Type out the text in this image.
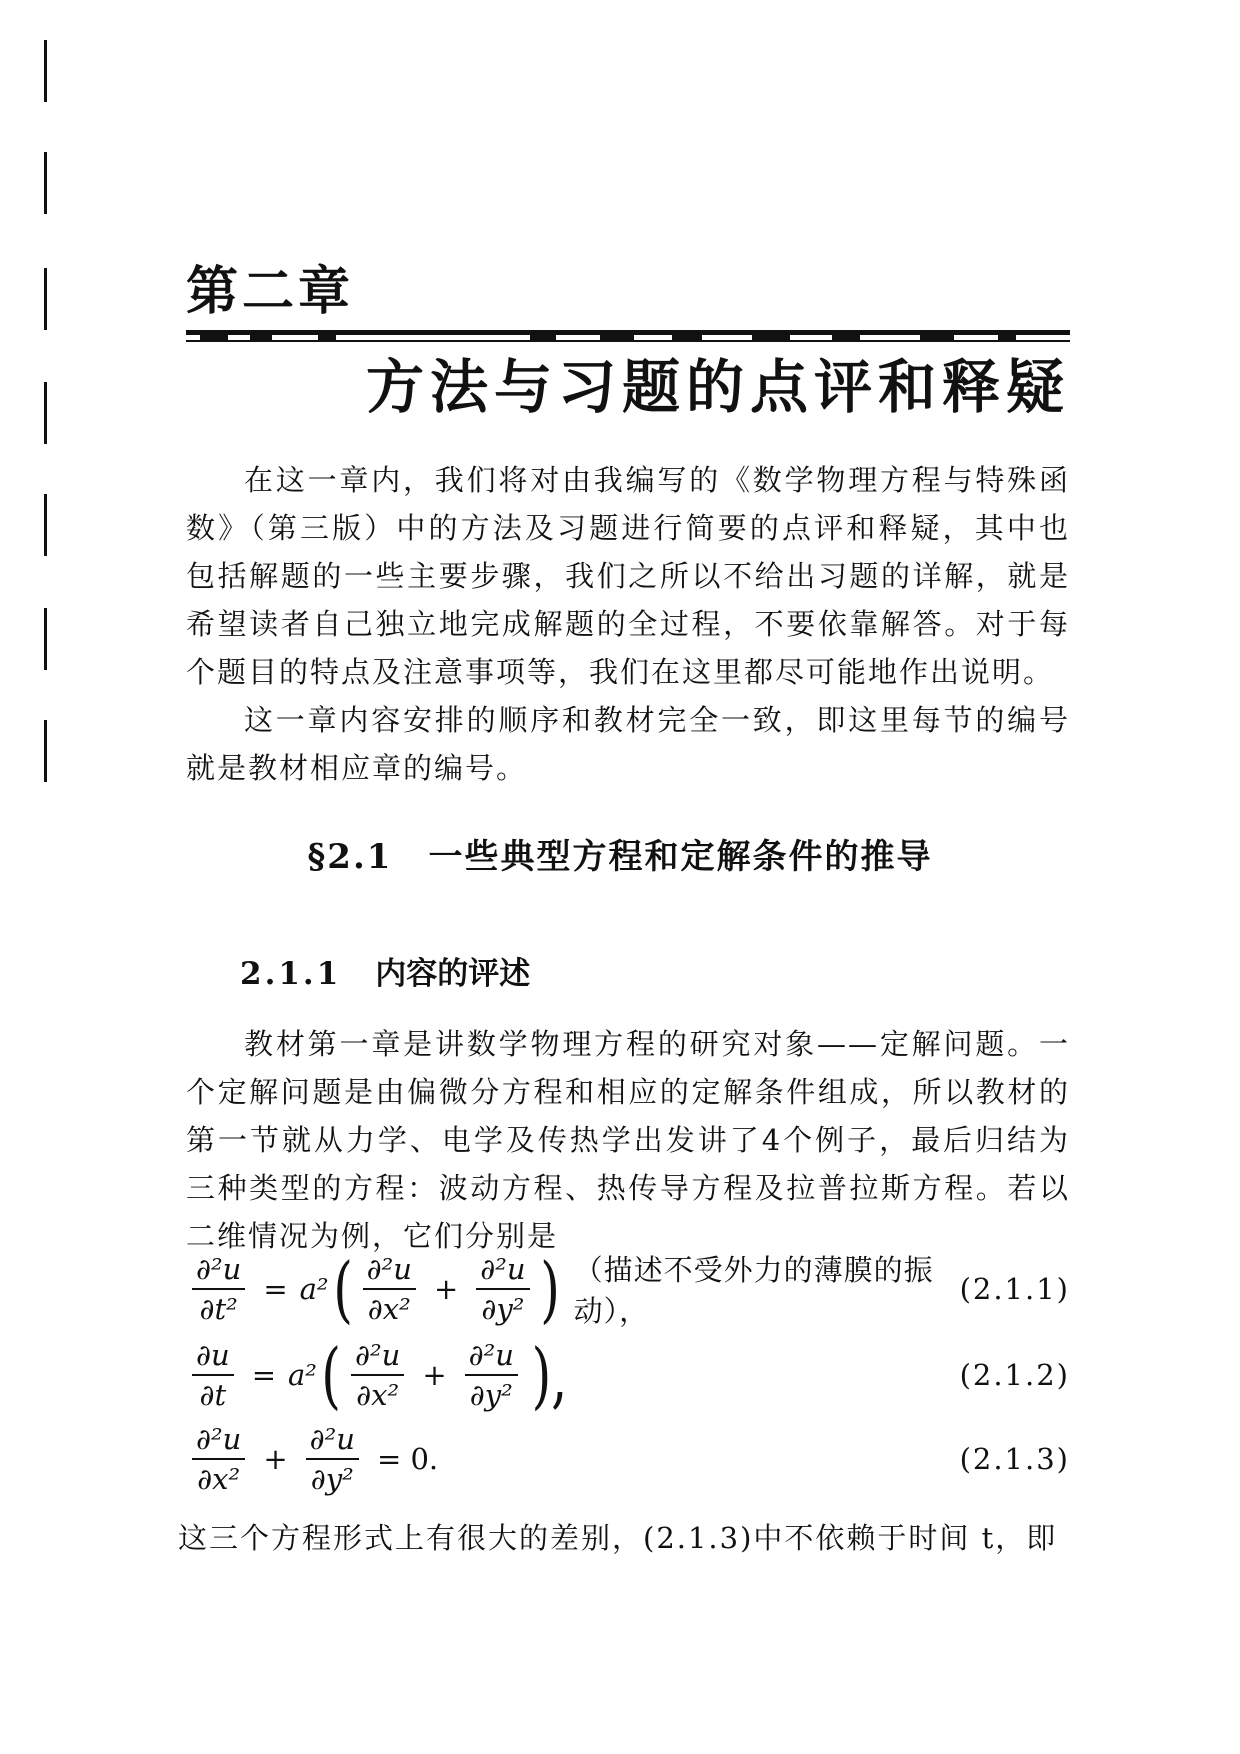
第二章
方法与习题的点评和释疑

在这一章内，我们将对由我编写的《数学物理方程与特殊函数》（第三版）中的方法及习题进行简要的点评和释疑，其中也包括解题的一些主要步骤，我们之所以不给出习题的详解，就是希望读者自己独立地完成解题的全过程，不要依靠解答。对于每个题目的特点及注意事项等，我们在这里都尽可能地作出说明。

这一章内容安排的顺序和教材完全一致，即这里每节的编号就是教材相应章的编号。

§2.1 一些典型方程和定解条件的推导
2.1.1 内容的评述

教材第一章是讲数学物理方程的研究对象——定解问题。一个定解问题是由偏微分方程和相应的定解条件组成，所以教材的第一节就从力学、电学及传热学出发讲了4个例子，最后归结为三种类型的方程：波动方程、热传导方程及拉普拉斯方程。若以二维情况为例，它们分别是

$\frac{\text{∂²u}}{\text{∂t²}} = a^2$ ( $\frac{\text{∂²u}}{\text{∂x²}} + \frac{\text{∂²u}}{\text{∂y²}}$ ) （描述不受外力的薄膜的振动），
(2.1.1)
$\frac{\partial u}{\partial t} = a^2$ ( $\frac{\text{∂²u}}{\text{∂x²}} + \frac{\text{∂²u}}{\text{∂y²}}$ ),	(2.1.2)
$\frac{\text{∂²u}}{\text{∂x²}} + \frac{\text{∂²u}}{\text{∂y²}} = 0$.	(2.1.3)
这三个方程形式上有很大的差别，(2.1.3)中不依赖于时间 t，即
